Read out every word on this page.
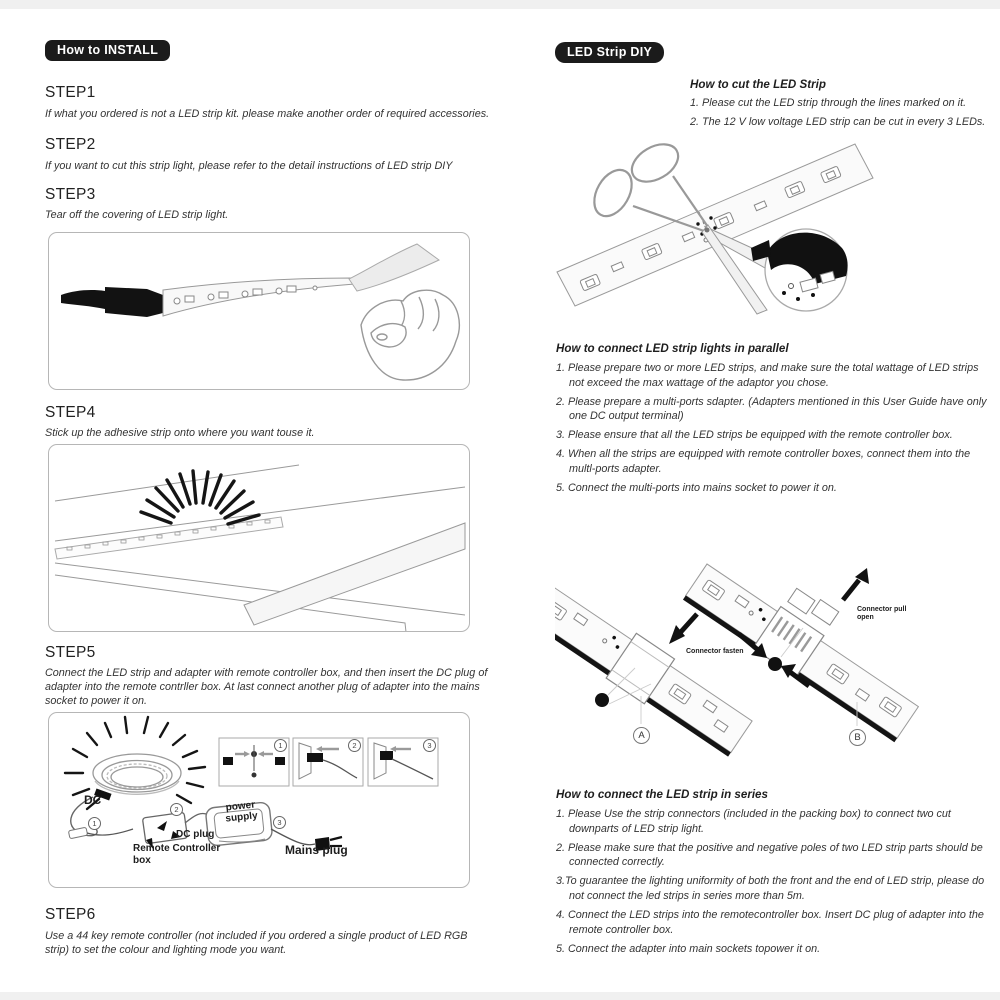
How to INSTALL
STEP1
If what you ordered is not a LED strip kit. please make another order of required accessories.
STEP2
If you want to cut this strip light, please refer to the detail instructions of LED strip DIY
STEP3
Tear off the covering of LED strip light.
STEP4
Stick up the adhesive strip onto where you want touse it.
STEP5
Connect the LED strip and adapter with remote controller box, and then insert the DC plug of adapter into the remote contrller box. At last connect another plug of adapter into the mains socket to power it on.
DC
1
Remote Controller box
DC plug
2	power supply	3
Mains plug
1	2	3
STEP6
Use a 44 key remote controller (not included if you ordered a single product of LED RGB strip) to set the colour and lighting mode you want.
LED Strip DIY
How to cut the LED Strip
1. Please cut the LED strip through the lines marked on it.
2. The 12 V low voltage LED strip can be cut in every 3 LEDs.
How to connect LED strip lights in parallel
1. Please prepare two or more LED strips, and make sure the total wattage of LED strips not exceed the max wattage of the adaptor you chose.
2. Please prepare a multi-ports sdapter. (Adapters mentioned in this User Guide have only one DC output terminal)
3. Please ensure that all the LED strips be equipped with the remote controller box.
4. When all the strips are equipped with remote controller boxes, connect them into the multl-ports adapter.
5. Connect the multi-ports into mains socket to power it on.
Connector fasten
Connector pull open
A	B
How to connect the LED strip in series
1. Please Use the strip connectors (included in the packing box) to connect two cut downparts of LED strip light.
2. Please make sure that the positive and negative poles of two LED strip parts should be connected correctly.
3.To guarantee the lighting uniformity of both the front and the end of LED strip, please do not connect the led strips in series more than 5m.
4. Connect the LED strips into the remotecontroller box. Insert DC plug of adapter into the remote controller box.
5. Connect the adapter into main sockets topower it on.
